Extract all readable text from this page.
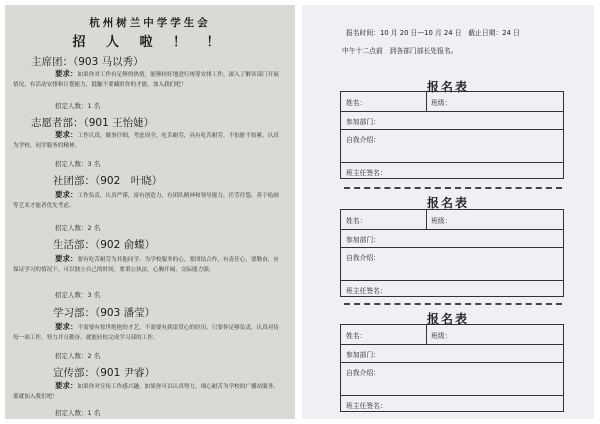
杭州树兰中学学生会
招 人 啦 ！ ！
主席团：（903 马以秀）
要求：如果你对工作有足够的热情，能够较好地进行统筹安排工作，深入了解各部门开展情况，有活动安排和计划能力，抵触不要藏匿你的才能，加入我们吧！
招定人数：1 名
志愿者部：（901 王怡婕）
要求：工作认真，做事仔细，考虑周全，吃苦耐劳，具有吃苦耐劳，不怕脏不怕累，认真为学校、同学服务的精神。
招定人数：3 名
社团部：（902　叶晓）
要求：工作负责，认真严谨，富有创造力，有团队精神和领导能力，任劳任怨，善于绘画等艺术才能者优先考虑。
招定人数：2 名
生活部：（902 俞蝶）
要求：要有吃苦耐劳为其他同学、为学校服务的心，要团结合作，有责任心，要勤奋，应保证学习的情况下，可以独立自己的时间，要秉公执法，心胸开阔，交际能力强。
招定人数：3 名
学习部：（903 潘莹）
要求：不需要有惊世绝艳的才艺，不需要有到雷贯心的经历，只要你足够负责，认真对待每一项工作，努力并且勤奋，就能轻松完成学习部的工作。
招定人数：2 名
宣传部：（901 尹睿）
要求：如果你对宣传工作感兴趣，如果你可以认真努力，细心耐苦为学校的广播站服务，那就加入我们吧！
招定人数：1 名
报名时间：10 月 20 日—10 月 24 日　截止日期：24 日
中午十二点前　到各部门部长处报名。
报名表
姓名：	班级：
参加部门：
自我介绍：
班主任签名：
报名表
姓名：	班级：
参加部门：
自我介绍：
班主任签名：
报名表
姓名：	班级：
参加部门：
自我介绍：
班主任签名：
